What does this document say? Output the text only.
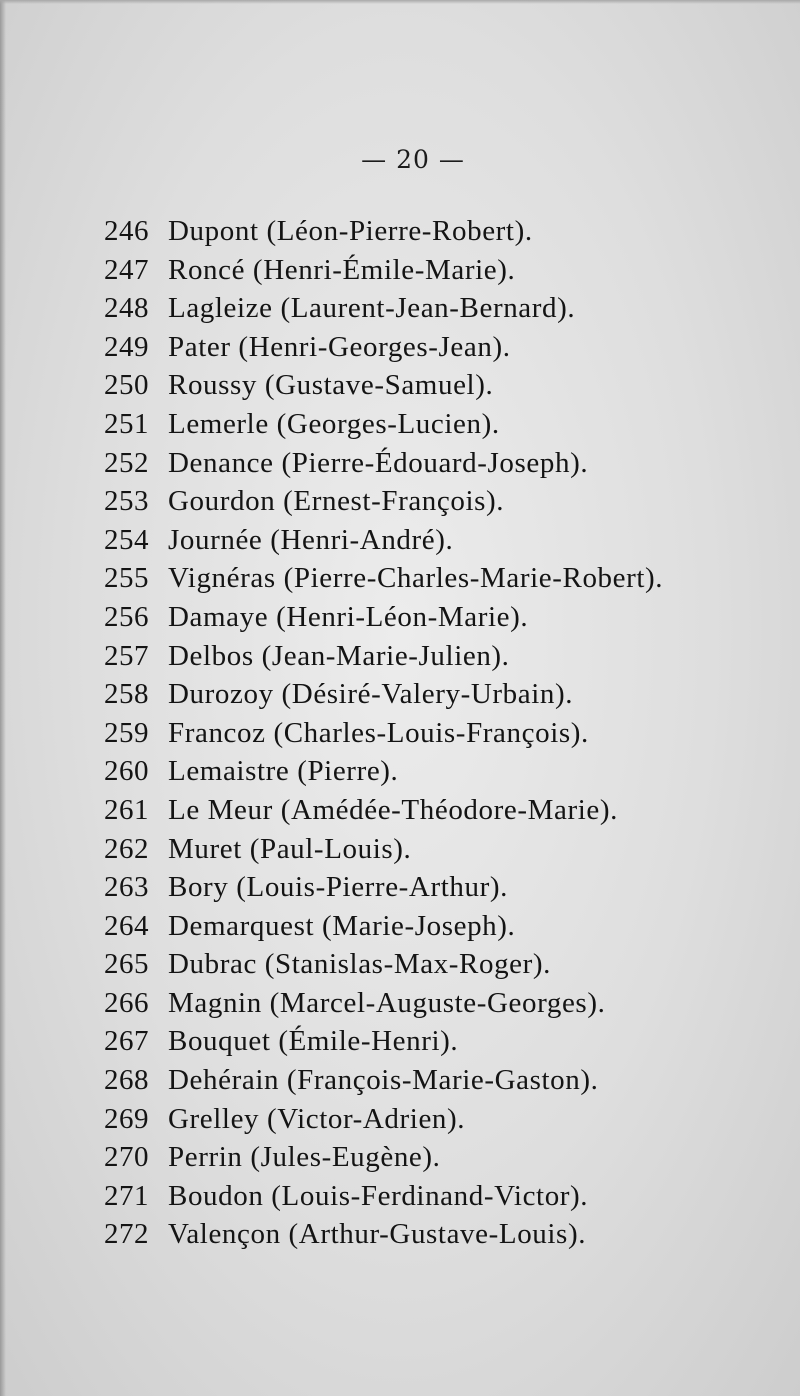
— 20 —
246 Dupont (Léon-Pierre-Robert).
247 Roncé (Henri-Émile-Marie).
248 Lagleize (Laurent-Jean-Bernard).
249 Pater (Henri-Georges-Jean).
250 Roussy (Gustave-Samuel).
251 Lemerle (Georges-Lucien).
252 Denance (Pierre-Édouard-Joseph).
253 Gourdon (Ernest-François).
254 Journée (Henri-André).
255 Vignéras (Pierre-Charles-Marie-Robert).
256 Damaye (Henri-Léon-Marie).
257 Delbos (Jean-Marie-Julien).
258 Durozoy (Désiré-Valery-Urbain).
259 Francoz (Charles-Louis-François).
260 Lemaistre (Pierre).
261 Le Meur (Amédée-Théodore-Marie).
262 Muret (Paul-Louis).
263 Bory (Louis-Pierre-Arthur).
264 Demarquest (Marie-Joseph).
265 Dubrac (Stanislas-Max-Roger).
266 Magnin (Marcel-Auguste-Georges).
267 Bouquet (Émile-Henri).
268 Dehérain (François-Marie-Gaston).
269 Grelley (Victor-Adrien).
270 Perrin (Jules-Eugène).
271 Boudon (Louis-Ferdinand-Victor).
272 Valençon (Arthur-Gustave-Louis).
